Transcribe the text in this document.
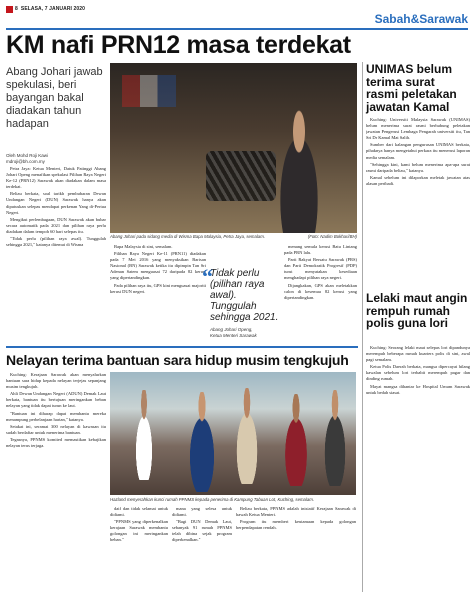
8 SELASA, 7 JANUARI 2020
Sabah&Sarawak
KM nafi PRN12 masa terdekat
Abang Johari jawab spekulasi, beri bayangan bakal diadakan tahun hadapan
Oleh Mohd Roji Kawi
mdroji@bh.com.my

Petra Jaya: Ketua Menteri, Datuk Patinggi Abang Johari Openg menafikan spekulasi Pilihan Raya Negeri Ke-12 (PRN12) Sarawak akan diadakan dalam masa terdekat.

Beliau berkata, soal tarikh pembubaran Dewan Undangan Negeri (DUN) Sarawak hanya akan diputuskan selepas mendapat perkenan Yang di-Pertua Negeri.

Mengikut perlembagaan, DUN Sarawak akan bubar secara automatik pada 2021 dan pilihan raya perlu diadakan dalam tempoh 60 hari selepas itu.

"Tidak perlu (pilihan raya awal). Tunggulah sehingga 2021," katanya ditemui di Wisma

Abang Johari pada sidang media di Wisma Bapa Malaysia, Petra Jaya, semalam.	(Foto: Nadim Bokhari/BH)

Bapa Malaysia di sini, semalam.

Pilihan Raya Negeri Ke-11 (PRN11) diadakan pada 7 Mei 2016 yang menyaksikan Barisan Nasional (BN) Sarawak ketika itu dipimpin Tan Sri Adenan Satem menguasai 72 daripada 82 kerusi yang dipertandingkan.

Pada pilihan raya itu, GPS kini menguasai majoriti kerusi DUN negeri.

“
Tidak perlu (pilihan raya awal). Tunggulah sehingga 2021.
Abang Johari Openg,
Ketua Menteri Sarawak

menang semula kerusi Batu Lintang pada PRN lalu.

Parti Rakyat Bersatu Sarawak (PRS) dan Parti Demokratik Progresif (PDP) turut menyatakan kesediaan menghadapi pilihan raya negeri.

Dijangkakan, GPS akan meletakkan calon di kesemua 82 kerusi yang dipertandingkan.

UNIMAS belum terima surat rasmi peletakan jawatan Kamal

Kuching: Universiti Malaysia Sarawak (UNIMAS) belum menerima surat rasmi berhubung peletakan jawatan Pengerusi Lembaga Pengarah universiti itu, Tan Sri Dr Kamal Mat Salih.

Sumber dari kalangan pengurusan UNIMAS berkata, pihaknya hanya mengetahui perkara itu menerusi laporan media semalam.

"Sehingga kini, kami belum menerima apa-apa surat rasmi daripada beliau," katanya.

Kamal sebelum ini dilaporkan meletak jawatan atas alasan peribadi.

Lelaki maut angin rempuh rumah polis guna lori

Kuching: Seorang lelaki maut selepas lori dipandunya merempuh beberapa rumah kuarters polis di sini, awal pagi semalam.

Ketua Polis Daerah berkata, mangsa dipercayai hilang kawalan sebelum lori terbabit merempuh pagar dan dinding rumah.

Mayat mangsa dihantar ke Hospital Umum Sarawak untuk bedah siasat.

Nelayan terima bantuan sara hidup musim tengkujuh

Kuching: Kerajaan Sarawak akan menyalurkan bantuan sara hidup kepada nelayan terjejas sepanjang musim tengkujuh.

Ahli Dewan Undangan Negeri (ADUN) Demak Laut berkata, bantuan itu bertujuan meringankan beban nelayan yang tidak dapat turun ke laut.

"Bantuan ini diharap dapat membantu mereka menampung perbelanjaan harian," katanya.

Setakat ini, seramai 300 nelayan di kawasan itu sudah berdaftar untuk menerima bantuan.

Tegasnya, PPNMS komited memastikan kebajikan nelayan terus terjaga.

Hazland menyerahkan kunci rumah PPNMS kepada penerima di Kampung Tabuan Lot, Kuching, semalam.

daif dan tidak selamat untuk didiami.

"PPNMS yang diperkenalkan kerajaan Sarawak membantu golongan ini meringankan beban."

mana yang selesa untuk didiami.

"Bagi DUN Demak Laut, sebanyak 91 rumah PPNMS telah dibina sejak program diperkenalkan."

Beliau berkata, PPNMS adalah inisiatif Kerajaan Sarawak di bawah Ketua Menteri.

Program itu memberi keutamaan kepada golongan berpendapatan rendah.
